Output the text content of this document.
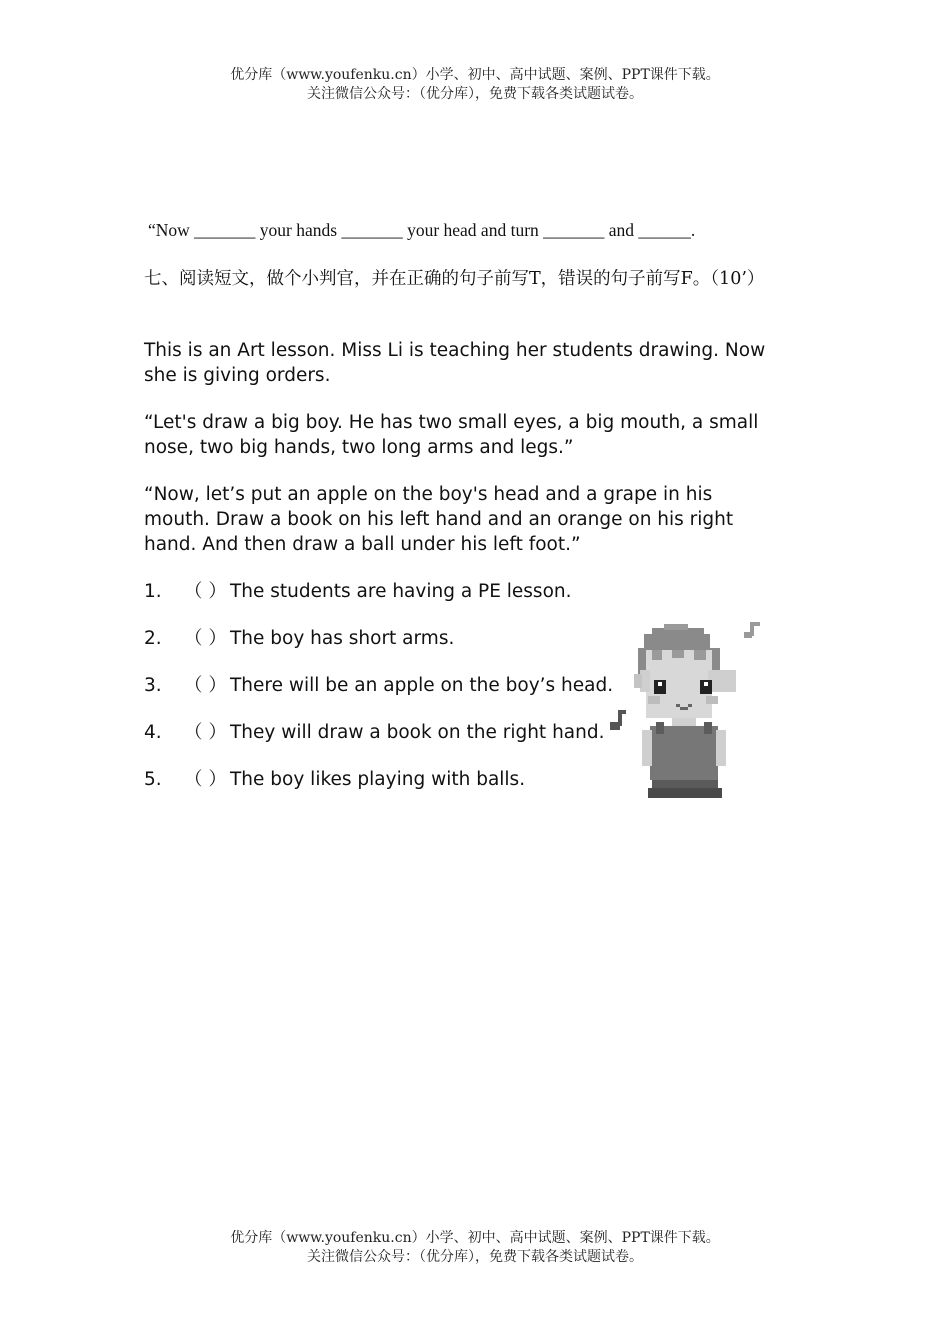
优分库（www.youfenku.cn）小学、初中、高中试题、案例、PPT课件下载。
关注微信公众号：（优分库），免费下载各类试题试卷。
“Now _______ your hands _______ your head and turn _______ and ______.
七、阅读短文，做个小判官，并在正确的句子前写T，错误的句子前写F。（10’）
This is an Art lesson. Miss Li is teaching her students drawing. Now
she is giving orders.
“Let's draw a big boy. He has two small eyes, a big mouth, a small
nose, two big hands, two long arms and legs.”
“Now, let’s put an apple on the boy's head and a grape in his
mouth. Draw a book on his left hand and an orange on his right
hand. And then draw a ball under his left foot.”
1. （ ） The students are having a PE lesson.
2. （ ） The boy has short arms.
3. （ ） There will be an apple on the boy’s head.
4. （ ） They will draw a book on the right hand.
5. （ ） The boy likes playing with balls.
优分库（www.youfenku.cn）小学、初中、高中试题、案例、PPT课件下载。
关注微信公众号：（优分库），免费下载各类试题试卷。
